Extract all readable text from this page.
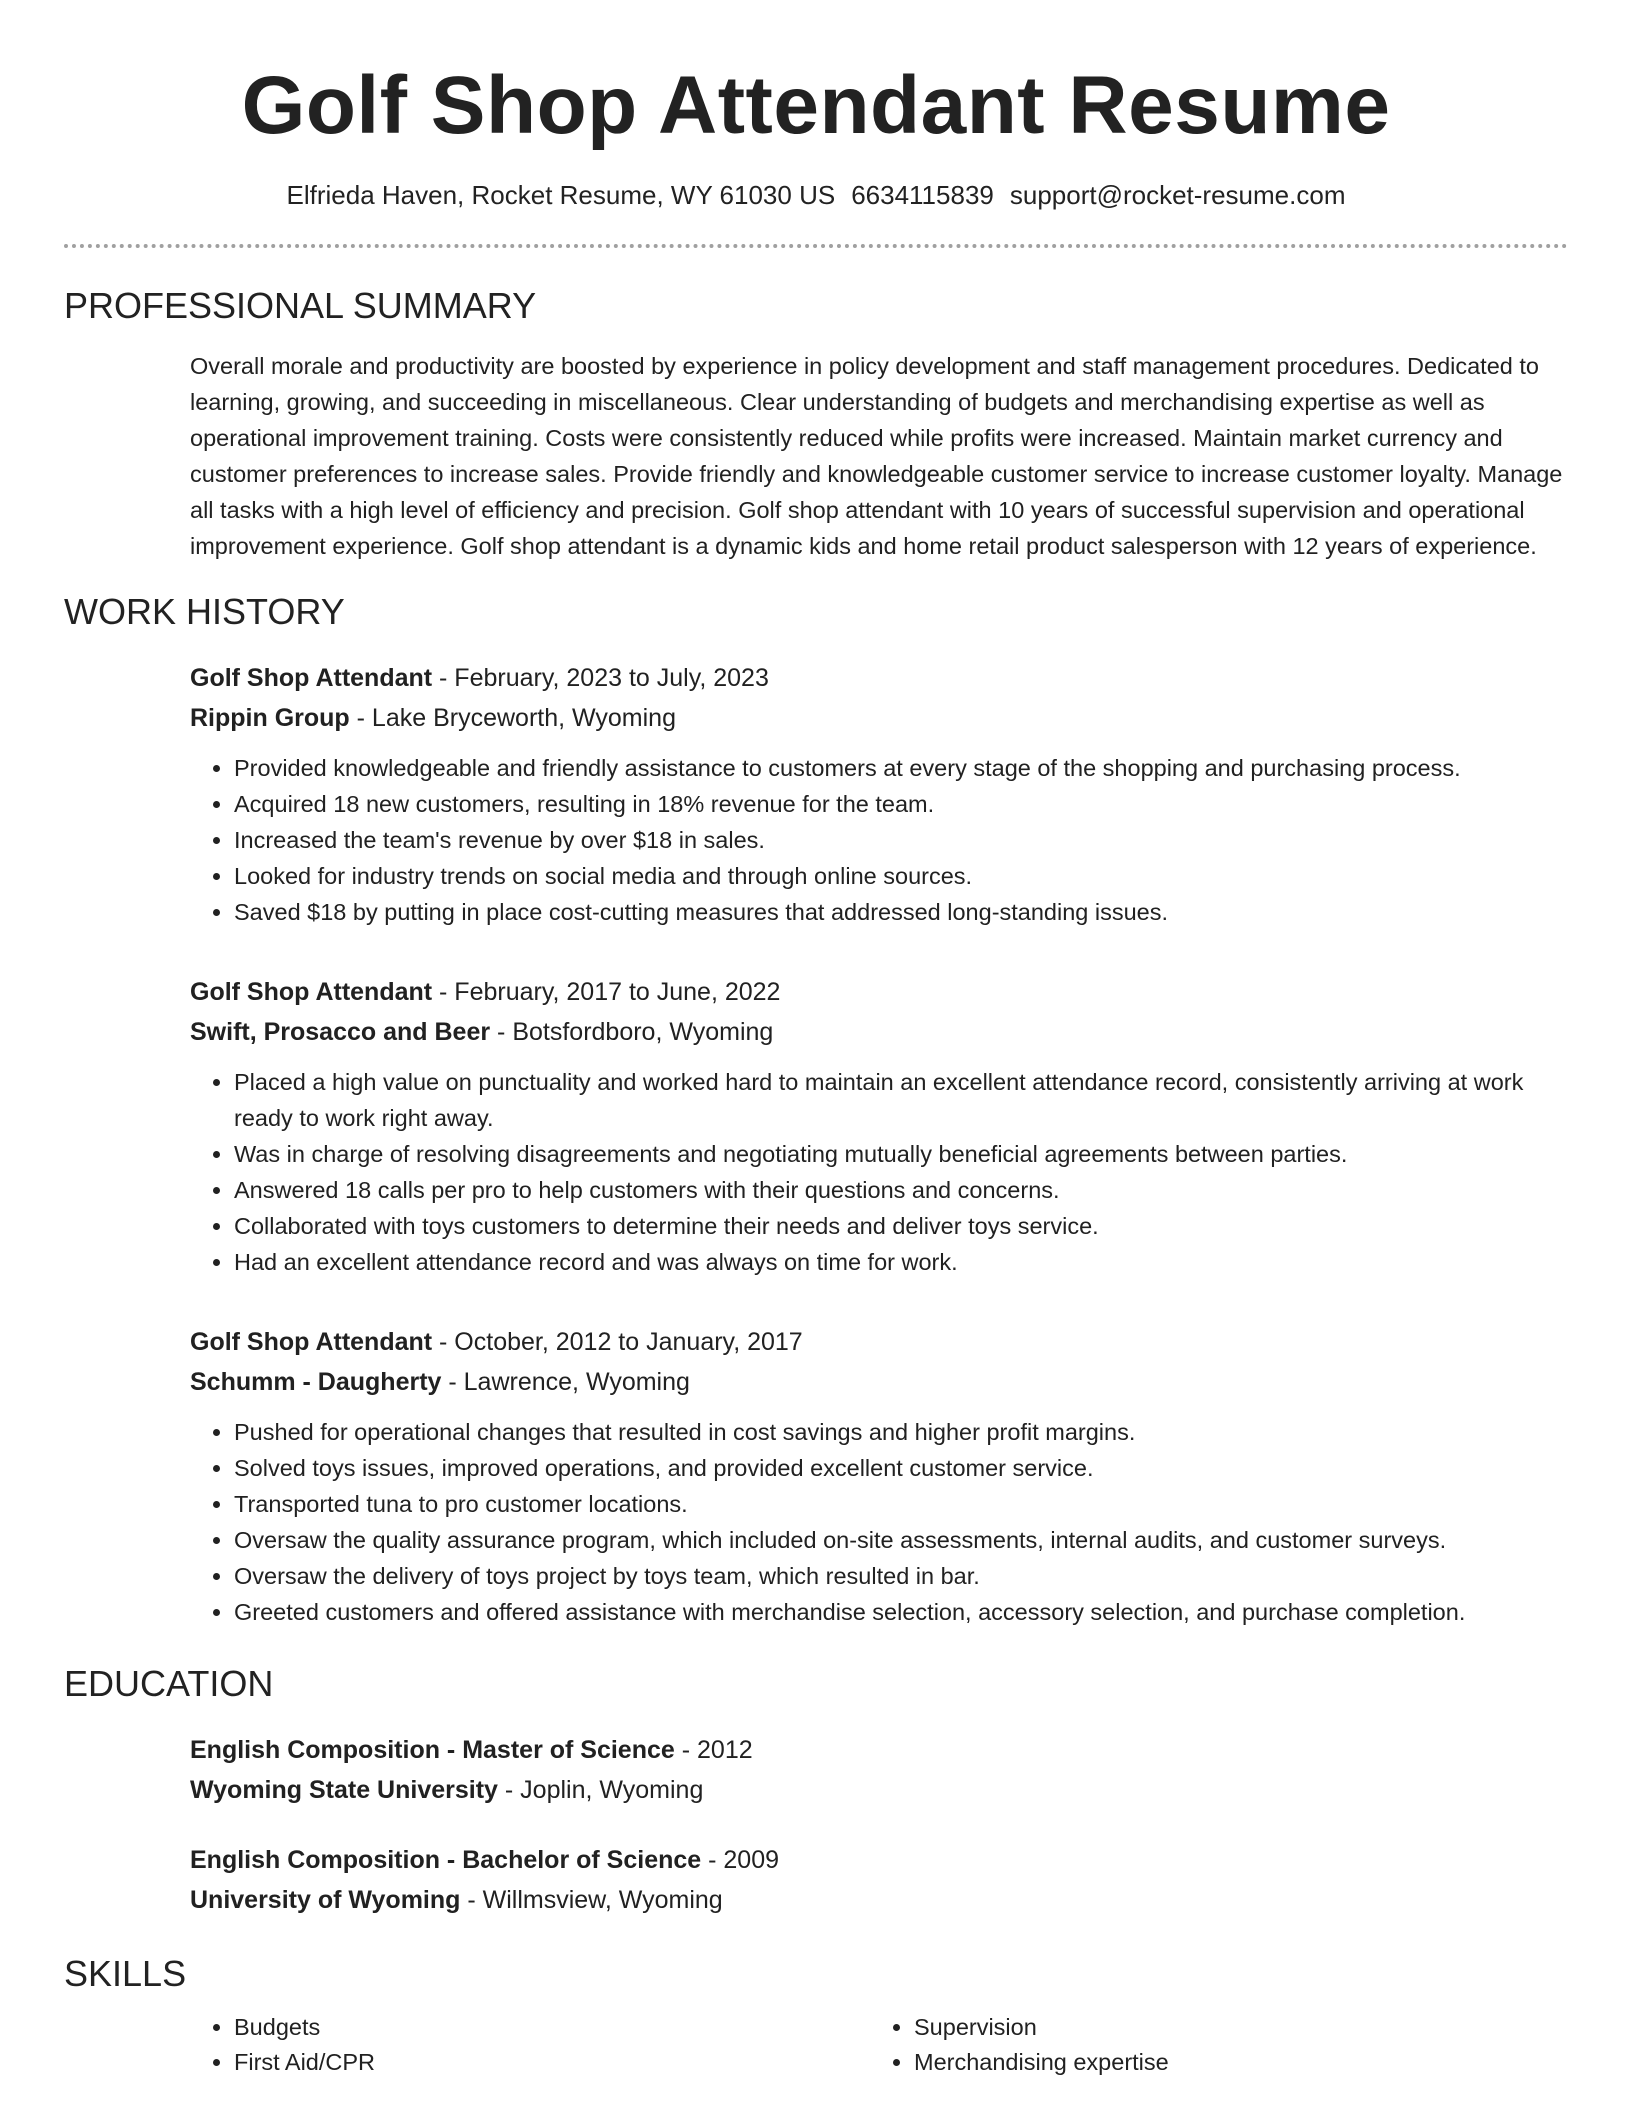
Golf Shop Attendant Resume
Elfrieda Haven, Rocket Resume, WY 61030 US 6634115839 support@rocket-resume.com
PROFESSIONAL SUMMARY

Overall morale and productivity are boosted by experience in policy development and staff management procedures. Dedicated to learning, growing, and succeeding in miscellaneous. Clear understanding of budgets and merchandising expertise as well as operational improvement training. Costs were consistently reduced while profits were increased. Maintain market currency and customer preferences to increase sales. Provide friendly and knowledgeable customer service to increase customer loyalty. Manage all tasks with a high level of efficiency and precision. Golf shop attendant with 10 years of successful supervision and operational improvement experience. Golf shop attendant is a dynamic kids and home retail product salesperson with 12 years of experience.

WORK HISTORY
Golf Shop Attendant - February, 2023 to July, 2023
Rippin Group - Lake Bryceworth, Wyoming
• Provided knowledgeable and friendly assistance to customers at every stage of the shopping and purchasing process.
• Acquired 18 new customers, resulting in 18% revenue for the team.
• Increased the team's revenue by over $18 in sales.
• Looked for industry trends on social media and through online sources.
• Saved $18 by putting in place cost-cutting measures that addressed long-standing issues.
Golf Shop Attendant - February, 2017 to June, 2022
Swift, Prosacco and Beer - Botsfordboro, Wyoming
• Placed a high value on punctuality and worked hard to maintain an excellent attendance record, consistently arriving at work ready to work right away.
• Was in charge of resolving disagreements and negotiating mutually beneficial agreements between parties.
• Answered 18 calls per pro to help customers with their questions and concerns.
• Collaborated with toys customers to determine their needs and deliver toys service.
• Had an excellent attendance record and was always on time for work.
Golf Shop Attendant - October, 2012 to January, 2017
Schumm - Daugherty - Lawrence, Wyoming
• Pushed for operational changes that resulted in cost savings and higher profit margins.
• Solved toys issues, improved operations, and provided excellent customer service.
• Transported tuna to pro customer locations.
• Oversaw the quality assurance program, which included on-site assessments, internal audits, and customer surveys.
• Oversaw the delivery of toys project by toys team, which resulted in bar.
• Greeted customers and offered assistance with merchandise selection, accessory selection, and purchase completion.
EDUCATION
English Composition - Master of Science - 2012
Wyoming State University - Joplin, Wyoming
English Composition - Bachelor of Science - 2009
University of Wyoming - Willmsview, Wyoming
SKILLS
• Budgets
• First Aid/CPR
• Supervision
• Merchandising expertise
